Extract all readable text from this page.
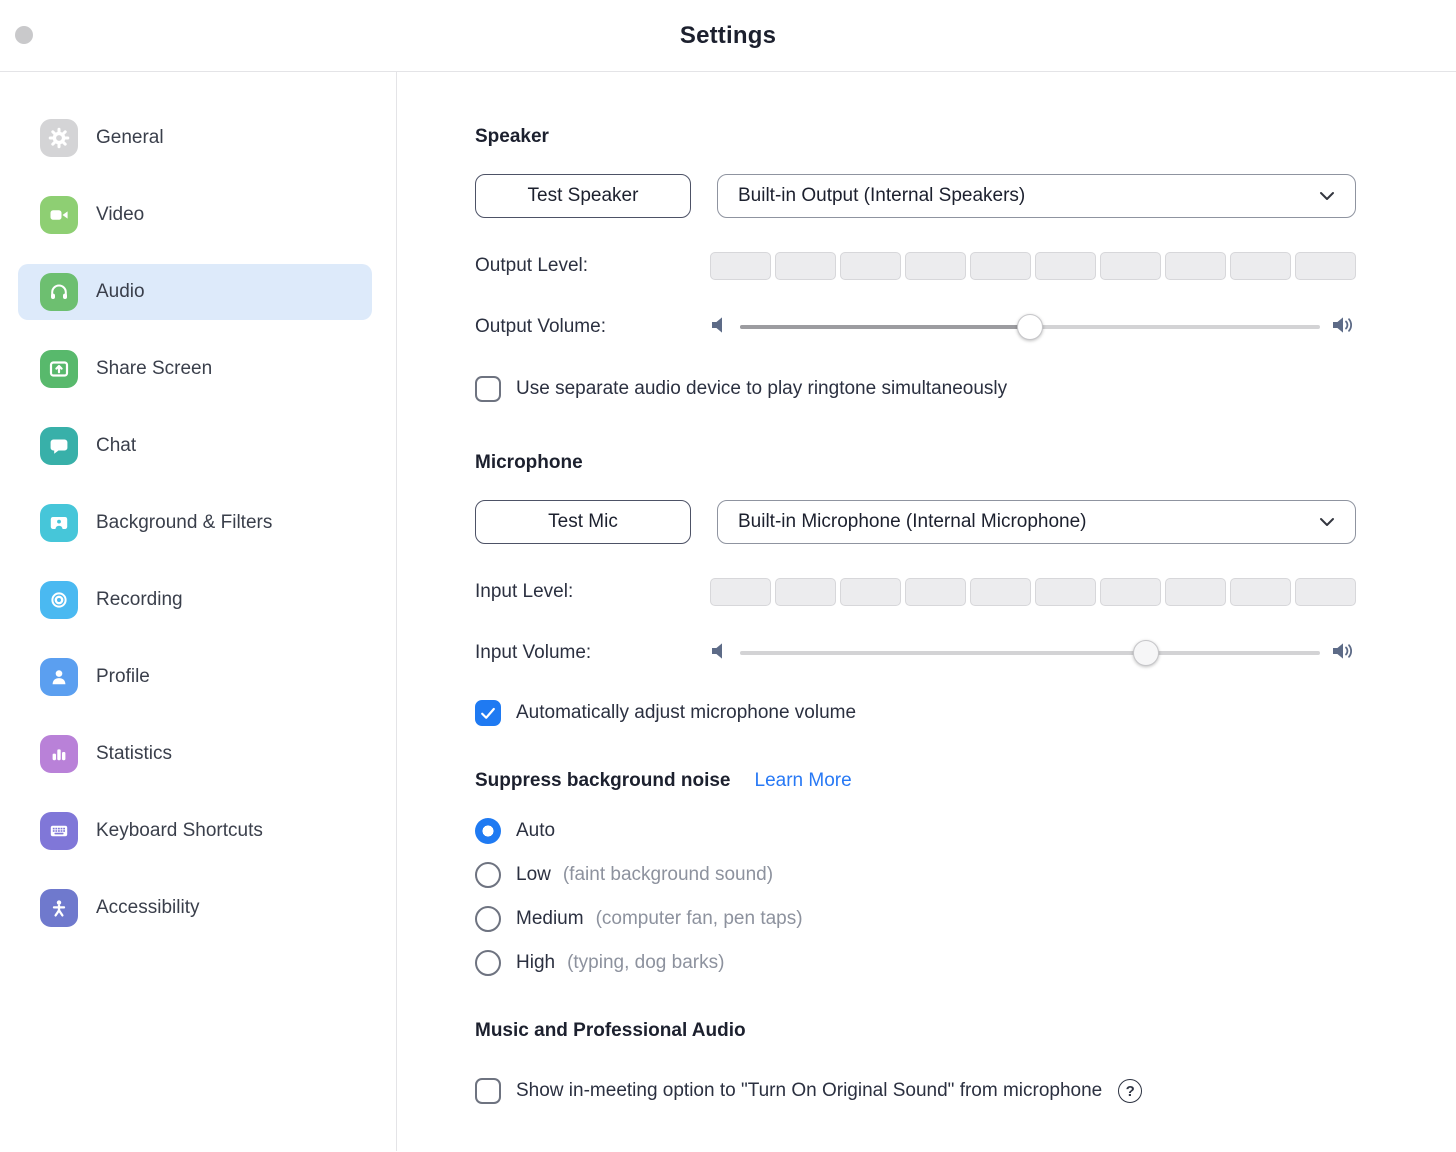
Settings
General
Video
Audio
Share Screen
Chat
Background & Filters
Recording
Profile
Statistics
Keyboard Shortcuts
Accessibility
Speaker
Test Speaker	Built-in Output (Internal Speakers)
Output Level:
Output Volume:
Use separate audio device to play ringtone simultaneously
Microphone
Test Mic	Built-in Microphone (Internal Microphone)
Input Level:
Input Volume:
Automatically adjust microphone volume
Suppress background noise Learn More
Auto
Low (faint background sound)
Medium (computer fan, pen taps)
High (typing, dog barks)
Music and Professional Audio
Show in-meeting option to "Turn On Original Sound" from microphone	?
